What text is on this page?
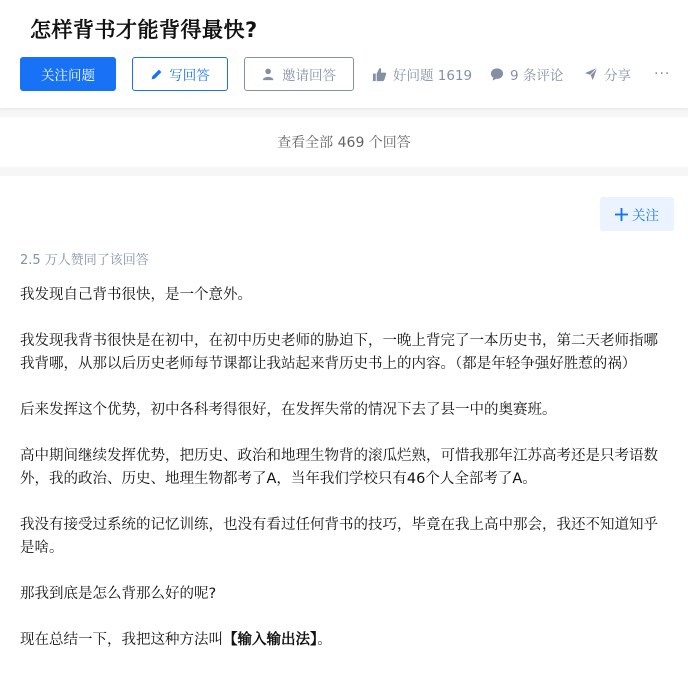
怎样背书才能背得最快?
关注问题	写回答	邀请回答	好问题 1619	9 条评论	分享 ···
查看全部 469 个回答
关注
2.5 万人赞同了该回答

我发现自己背书很快，是一个意外。

我发现我背书很快是在初中，在初中历史老师的胁迫下，一晚上背完了一本历史书，第二天老师指哪我背哪，从那以后历史老师每节课都让我站起来背历史书上的内容。（都是年轻争强好胜惹的祸）

后来发挥这个优势，初中各科考得很好，在发挥失常的情况下去了县一中的奥赛班。

高中期间继续发挥优势，把历史、政治和地理生物背的滚瓜烂熟，可惜我那年江苏高考还是只考语数外，我的政治、历史、地理生物都考了A，当年我们学校只有46个人全部考了A。

我没有接受过系统的记忆训练，也没有看过任何背书的技巧，毕竟在我上高中那会，我还不知道知乎是啥。

那我到底是怎么背那么好的呢?

现在总结一下，我把这种方法叫【输入输出法】。
